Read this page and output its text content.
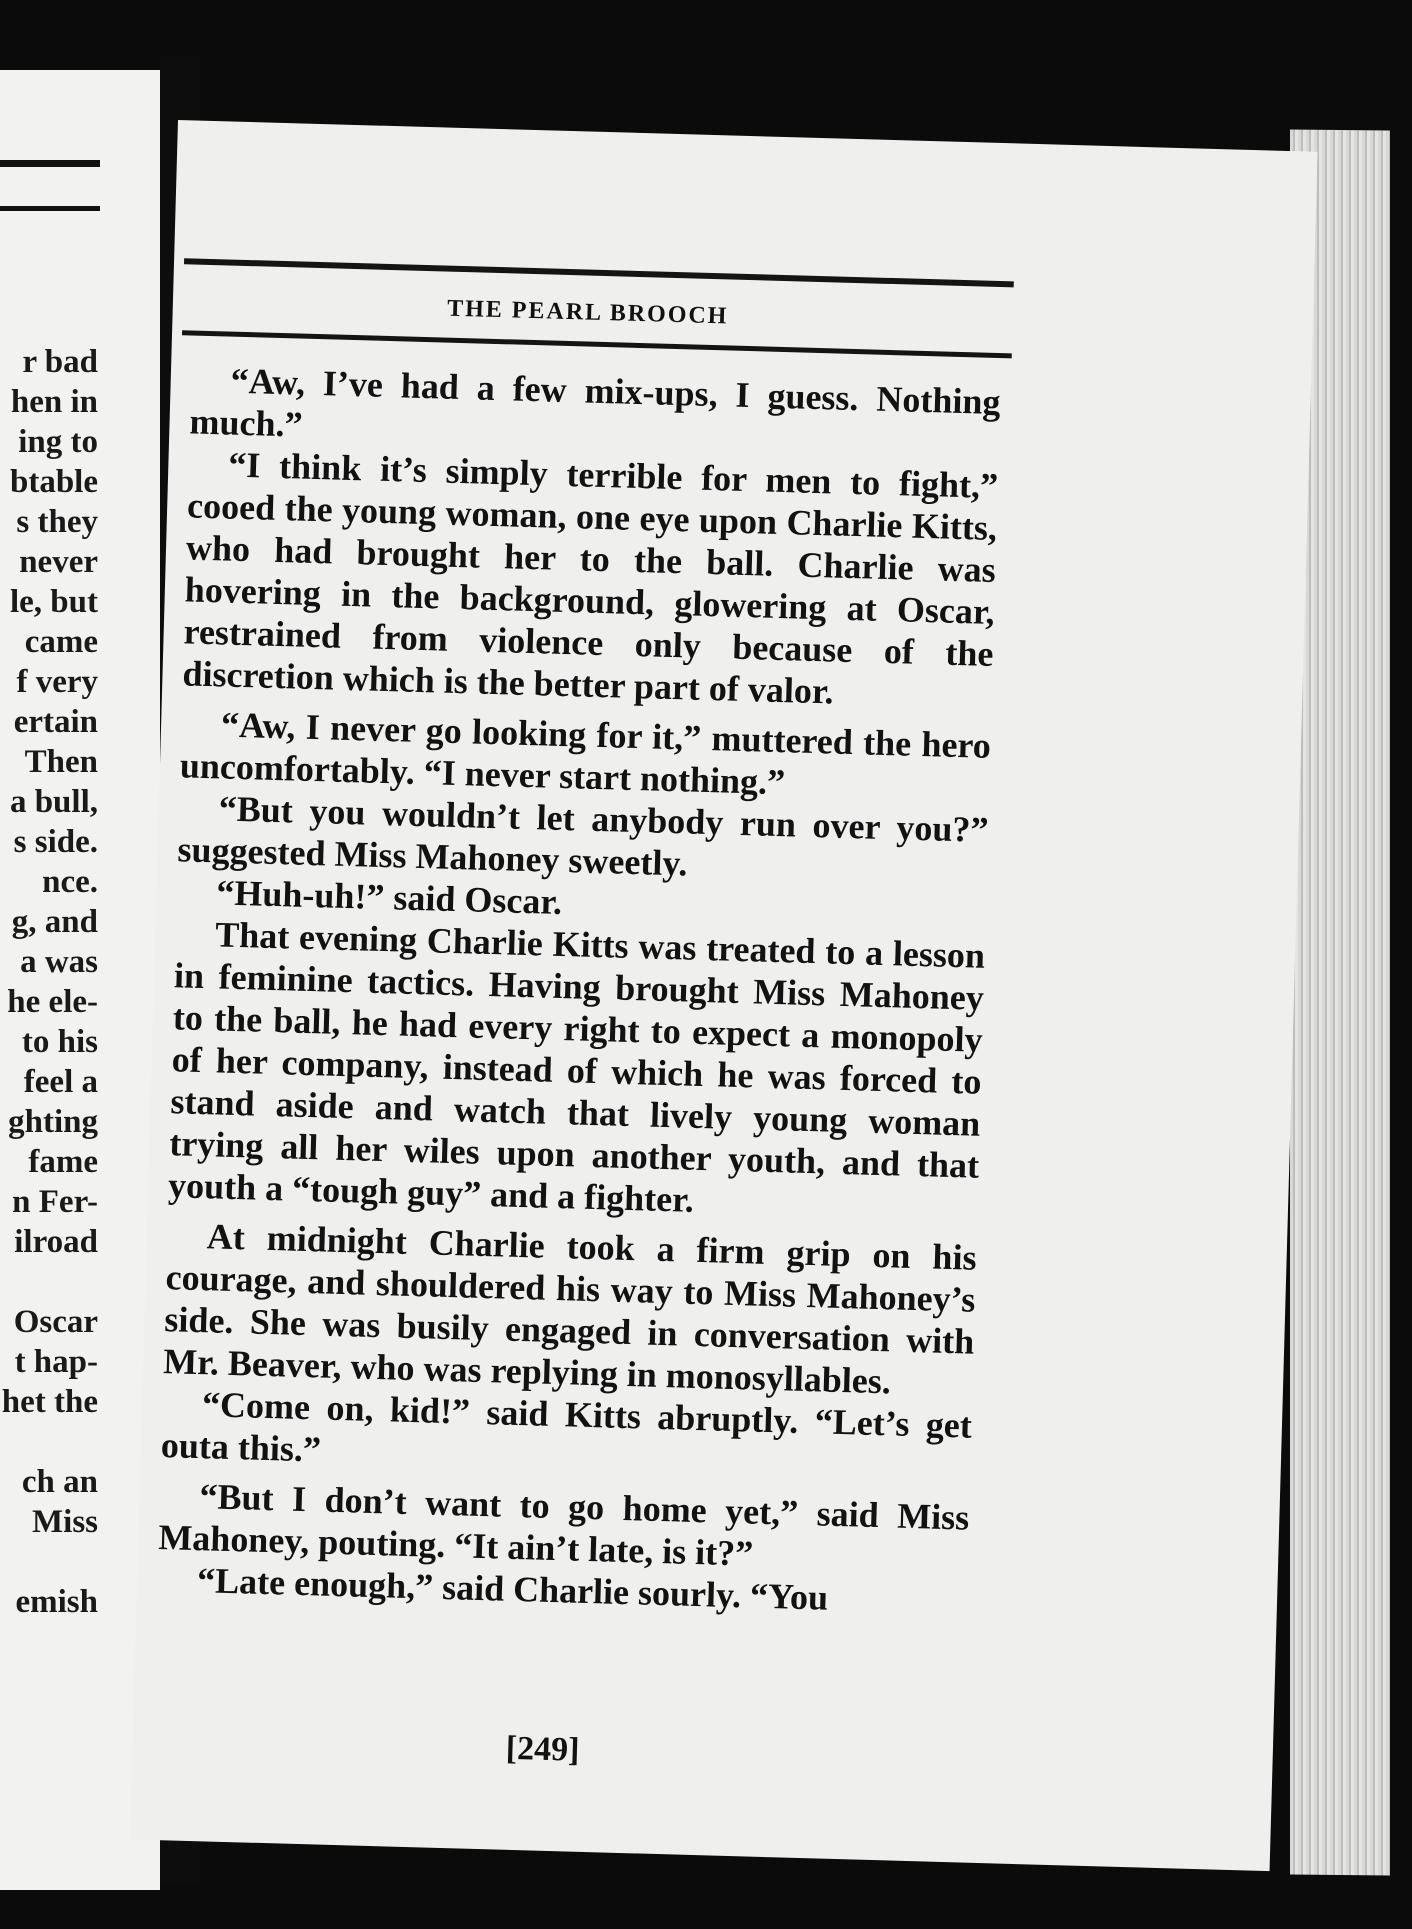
r bad
hen in
ing to
btable
s they
never
le, but
came
f very
ertain
Then
a bull,
s side.
nce.
g, and
a was
he ele-
to his
feel a
ghting
fame
n Fer-
ilroad
Oscar
t hap-
het the
ch an
Miss
emish
THE PEARL BROOCH

“Aw, I’ve had a few mix-ups, I guess. Nothing much.”

“I think it’s simply terrible for men to fight,” cooed the young woman, one eye upon Charlie Kitts, who had brought her to the ball. Charlie was hovering in the background, glowering at Oscar, restrained from violence only because of the discretion which is the better part of valor.

“Aw, I never go looking for it,” muttered the hero uncomfortably. “I never start nothing.”

“But you wouldn’t let anybody run over you?” suggested Miss Mahoney sweetly.

“Huh-uh!” said Oscar.

That evening Charlie Kitts was treated to a lesson in feminine tactics. Having brought Miss Mahoney to the ball, he had every right to expect a monopoly of her company, instead of which he was forced to stand aside and watch that lively young woman trying all her wiles upon another youth, and that youth a “tough guy” and a fighter.

At midnight Charlie took a firm grip on his courage, and shouldered his way to Miss Mahoney’s side. She was busily engaged in conversation with Mr. Beaver, who was replying in monosyllables.

“Come on, kid!” said Kitts abruptly. “Let’s get outa this.”

“But I don’t want to go home yet,” said Miss Mahoney, pouting. “It ain’t late, is it?”

“Late enough,” said Charlie sourly. “You

[249]
